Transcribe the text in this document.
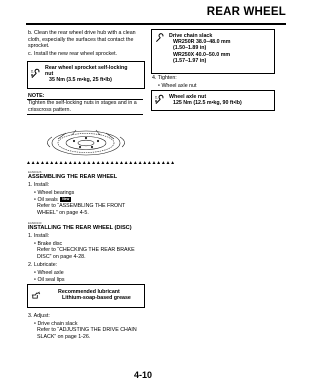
REAR WHEEL
b. Clean the rear wheel drive hub with a clean cloth, especially the surfaces that contact the sprocket.
c. Install the new rear wheel sprocket.
T.
R.
Rear wheel sprocket self-locking
nut
35 Nm (3.5 m•kg, 25 ft•lb)
NOTE:
Tighten the self-locking nuts in stages and in a crisscross pattern.
▲▲▲▲▲▲▲▲▲▲▲▲▲▲▲▲▲▲▲▲▲▲▲▲▲▲▲▲▲▲▲▲
EAS00126
ASSEMBLING THE REAR WHEEL
1. Install:
● Wheel bearings
● Oil seals New
Refer to “ASSEMBLING THE FRONT WHEEL” on page 4-5.
EAS00130
INSTALLING THE REAR WHEEL (DISC)
1. Install:
● Brake disc
Refer to “CHECKING THE REAR BRAKE DISC” on page 4-28.
2. Lubricate:
● Wheel axle
● Oil seal lips
Recommended lubricant
Lithium-soap-based grease
3. Adjust:
● Drive chain slack
Refer to “ADJUSTING THE DRIVE CHAIN SLACK” on page 1-26.
Drive chain slack
WR250R 38.0–48.0 mm
(1.50–1.89 in)
WR250X 40.0–50.0 mm
(1.57–1.97 in)
4. Tighten:
● Wheel axle nut
T.
R.
Wheel axle nut
125 Nm (12.5 m•kg, 90 ft•lb)
4-10
